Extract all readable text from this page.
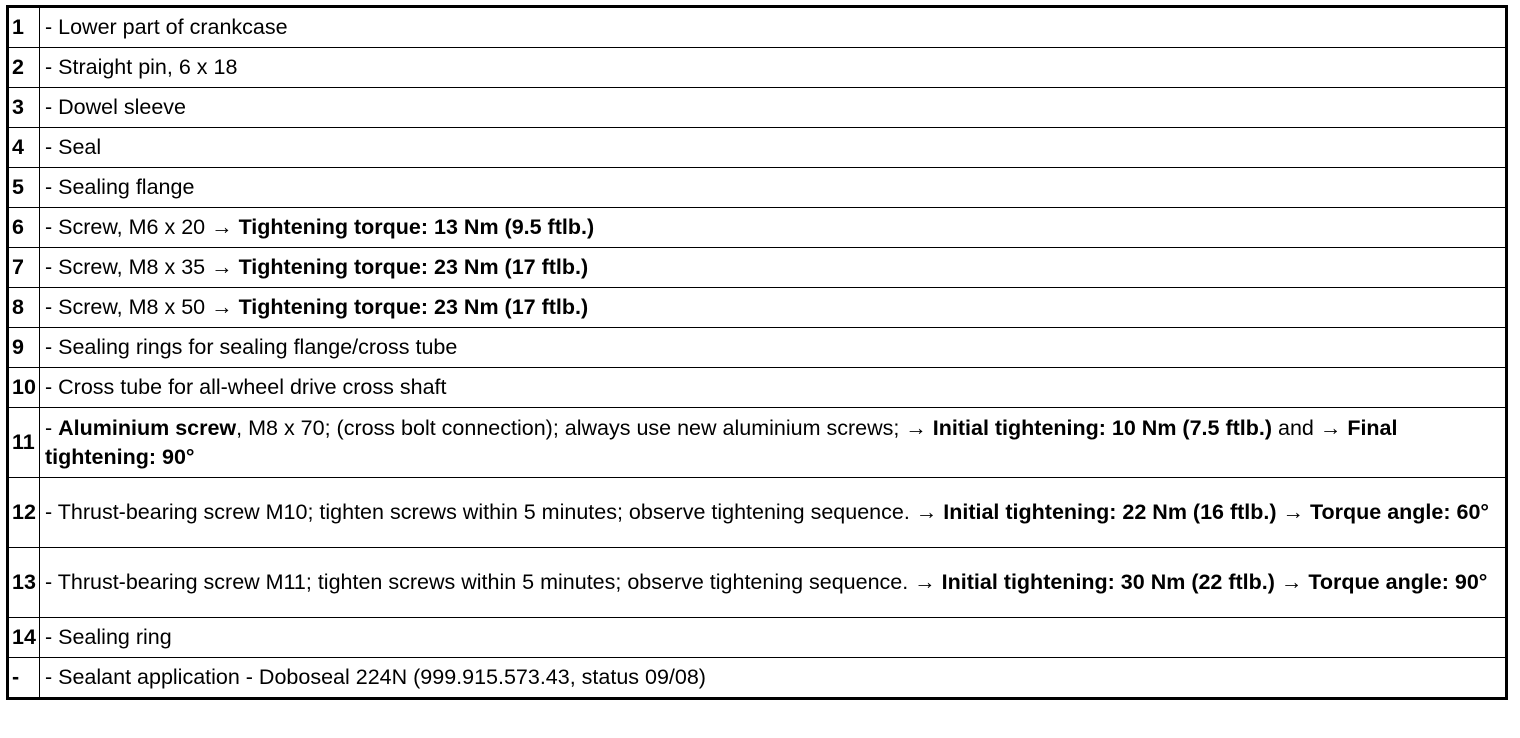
1	- Lower part of crankcase
2	- Straight pin, 6 x 18
3	- Dowel sleeve
4	- Seal
5	- Sealing flange
6	- Screw, M6 x 20 → Tightening torque: 13 Nm (9.5 ftlb.)
7	- Screw, M8 x 35 → Tightening torque: 23 Nm (17 ftlb.)
8	- Screw, M8 x 50 → Tightening torque: 23 Nm (17 ftlb.)
9	- Sealing rings for sealing flange/cross tube
10	- Cross tube for all-wheel drive cross shaft
11	- Aluminium screw, M8 x 70; (cross bolt connection); always use new aluminium screws; → Initial tightening: 10 Nm (7.5 ftlb.) and → Final tightening: 90°
12	- Thrust-bearing screw M10; tighten screws within 5 minutes; observe tightening sequence. → Initial tightening: 22 Nm (16 ftlb.) → Torque angle: 60°
13	- Thrust-bearing screw M11; tighten screws within 5 minutes; observe tightening sequence. → Initial tightening: 30 Nm (22 ftlb.) → Torque angle: 90°
14	- Sealing ring
-	- Sealant application - Doboseal 224N (999.915.573.43, status 09/08)
